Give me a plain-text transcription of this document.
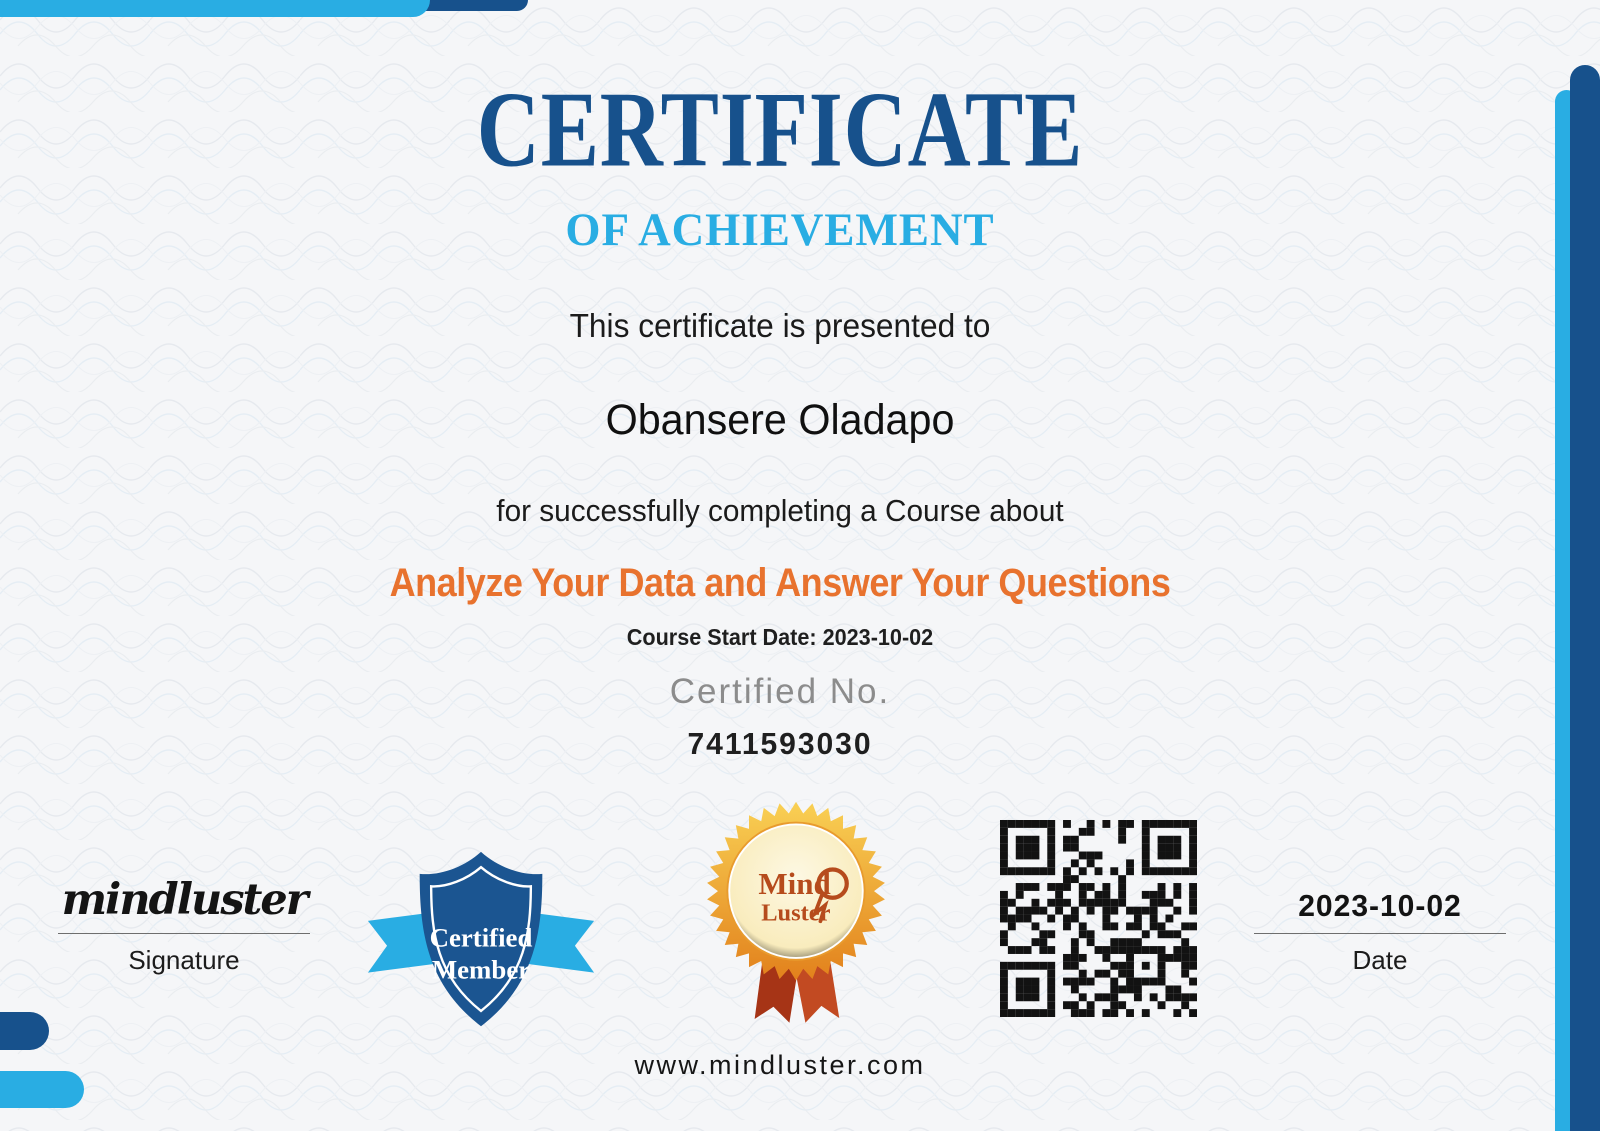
CERTIFICATE
OF ACHIEVEMENT
This certificate is presented to
Obansere Oladapo
for successfully completing a Course about
Analyze Your Data and Answer Your Questions
Course Start Date: 2023-10-02
Certified No.
7411593030
www.mindluster.com
mindluster
Signature
Certified
Member
Mind
Luster	2023-10-02
Date
